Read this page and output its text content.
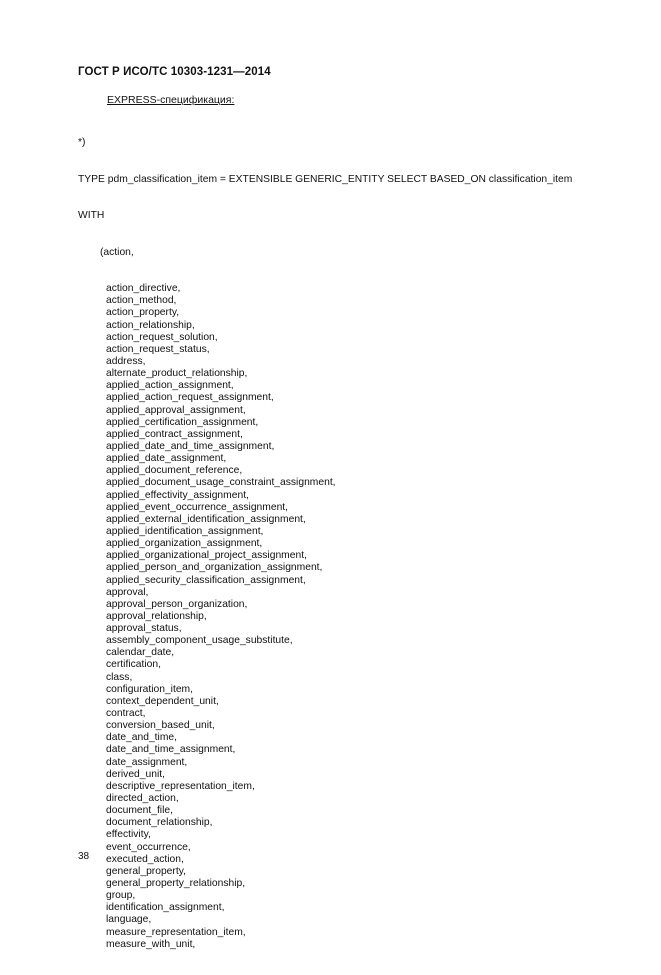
ГОСТ Р ИСО/ТС 10303-1231—2014
EXPRESS-спецификация:

*)

TYPE pdm_classification_item = EXTENSIBLE GENERIC_ENTITY SELECT BASED_ON classification_item

WITH

(action,

action_directive,
action_method,
action_property,
action_relationship,
action_request_solution,
action_request_status,
address,
alternate_product_relationship,
applied_action_assignment,
applied_action_request_assignment,
applied_approval_assignment,
applied_certification_assignment,
applied_contract_assignment,
applied_date_and_time_assignment,
applied_date_assignment,
applied_document_reference,
applied_document_usage_constraint_assignment,
applied_effectivity_assignment,
applied_event_occurrence_assignment,
applied_external_identification_assignment,
applied_identification_assignment,
applied_organization_assignment,
applied_organizational_project_assignment,
applied_person_and_organization_assignment,
applied_security_classification_assignment,
approval,
approval_person_organization,
approval_relationship,
approval_status,
assembly_component_usage_substitute,
calendar_date,
certification,
class,
configuration_item,
context_dependent_unit,
contract,
conversion_based_unit,
date_and_time,
date_and_time_assignment,
date_assignment,
derived_unit,
descriptive_representation_item,
directed_action,
document_file,
document_relationship,
effectivity,
event_occurrence,
executed_action,
general_property,
general_property_relationship,
group,
identification_assignment,
language,
measure_representation_item,
measure_with_unit,

38
